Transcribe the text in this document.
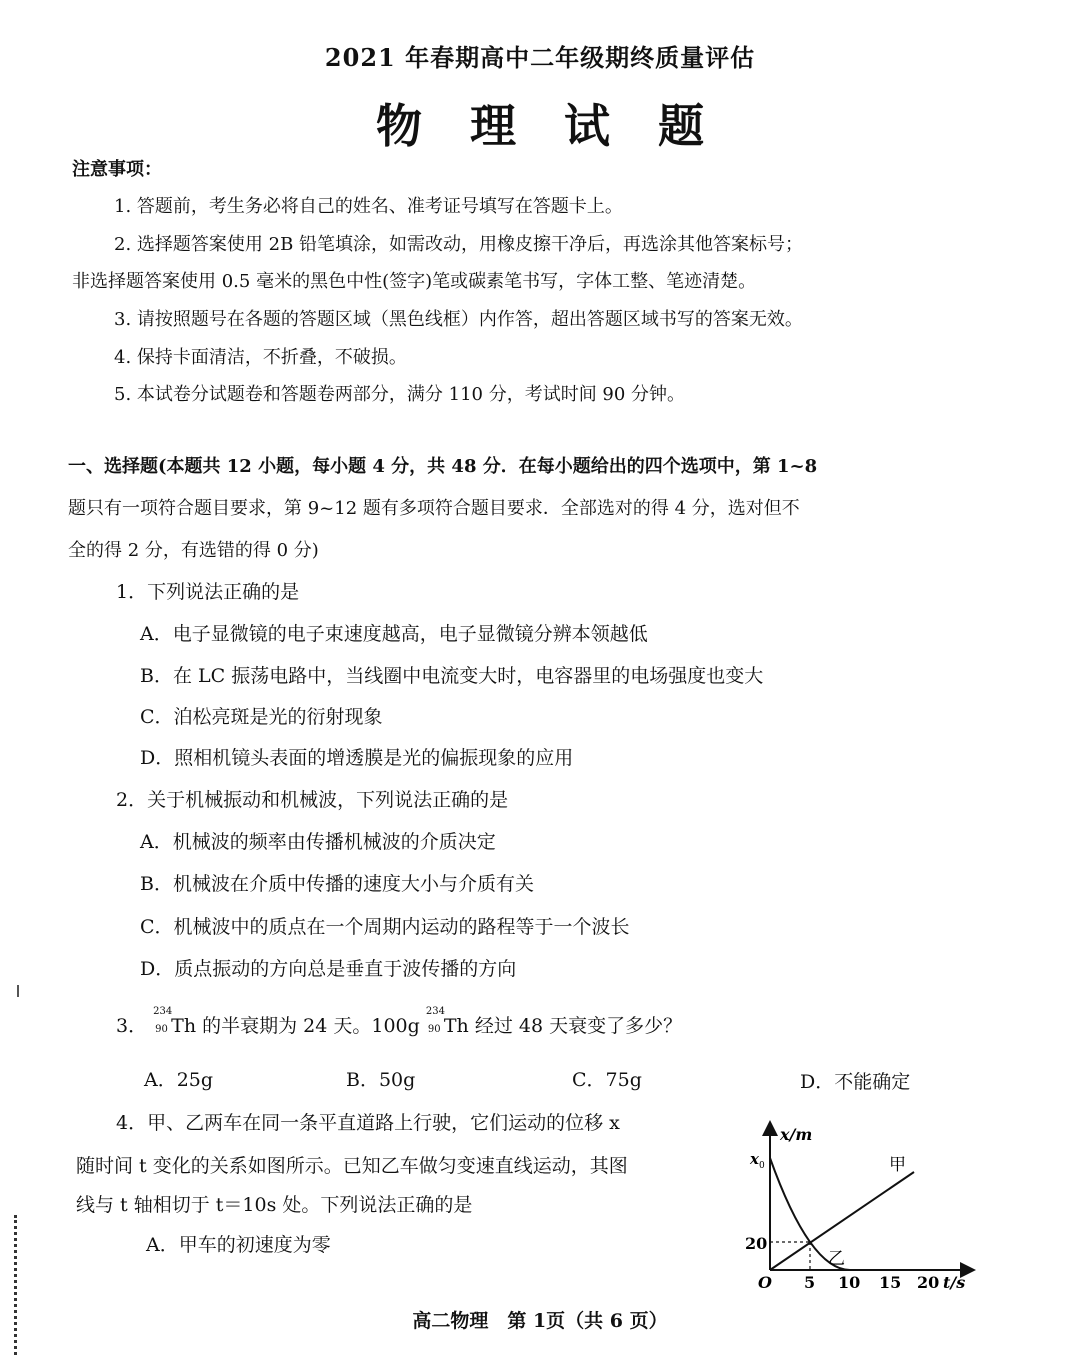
2021 年春期高中二年级期终质量评估
物理试题
注意事项：
1. 答题前，考生务必将自己的姓名、准考证号填写在答题卡上。
2. 选择题答案使用 2B 铅笔填涂，如需改动，用橡皮擦干净后，再选涂其他答案标号；
非选择题答案使用 0.5 毫米的黑色中性(签字)笔或碳素笔书写，字体工整、笔迹清楚。
3. 请按照题号在各题的答题区域（黑色线框）内作答，超出答题区域书写的答案无效。
4. 保持卡面清洁，不折叠，不破损。
5. 本试卷分试题卷和答题卷两部分，满分 110 分，考试时间 90 分钟。
一、选择题(本题共 12 小题，每小题 4 分，共 48 分．在每小题给出的四个选项中，第 1~8
题只有一项符合题目要求，第 9~12 题有多项符合题目要求．全部选对的得 4 分，选对但不
全的得 2 分，有选错的得 0 分)
1．下列说法正确的是
A．电子显微镜的电子束速度越高，电子显微镜分辨本领越低
B．在 LC 振荡电路中，当线圈中电流变大时，电容器里的电场强度也变大
C．泊松亮斑是光的衍射现象
D．照相机镜头表面的增透膜是光的偏振现象的应用
2．关于机械振动和机械波，下列说法正确的是
A．机械波的频率由传播机械波的介质决定
B．机械波在介质中传播的速度大小与介质有关
C．机械波中的质点在一个周期内运动的路程等于一个波长
D．质点振动的方向总是垂直于波传播的方向
3．
234
90 Th 的半衰期为 24 天。100g
234
90 Th 经过 48 天衰变了多少？
A．25g	B．50g	C．75g	D．不能确定
4．甲、乙两车在同一条平直道路上行驶，它们运动的位移 x
随时间 t 变化的关系如图所示。已知乙车做匀变速直线运动，其图
线与 t 轴相切于 t＝10s 处。下列说法正确的是
A．甲车的初速度为零
x/m
t/s
O
x 0
20
5 10 15 20
甲
乙
高二物理　第 1页（共 6 页）
